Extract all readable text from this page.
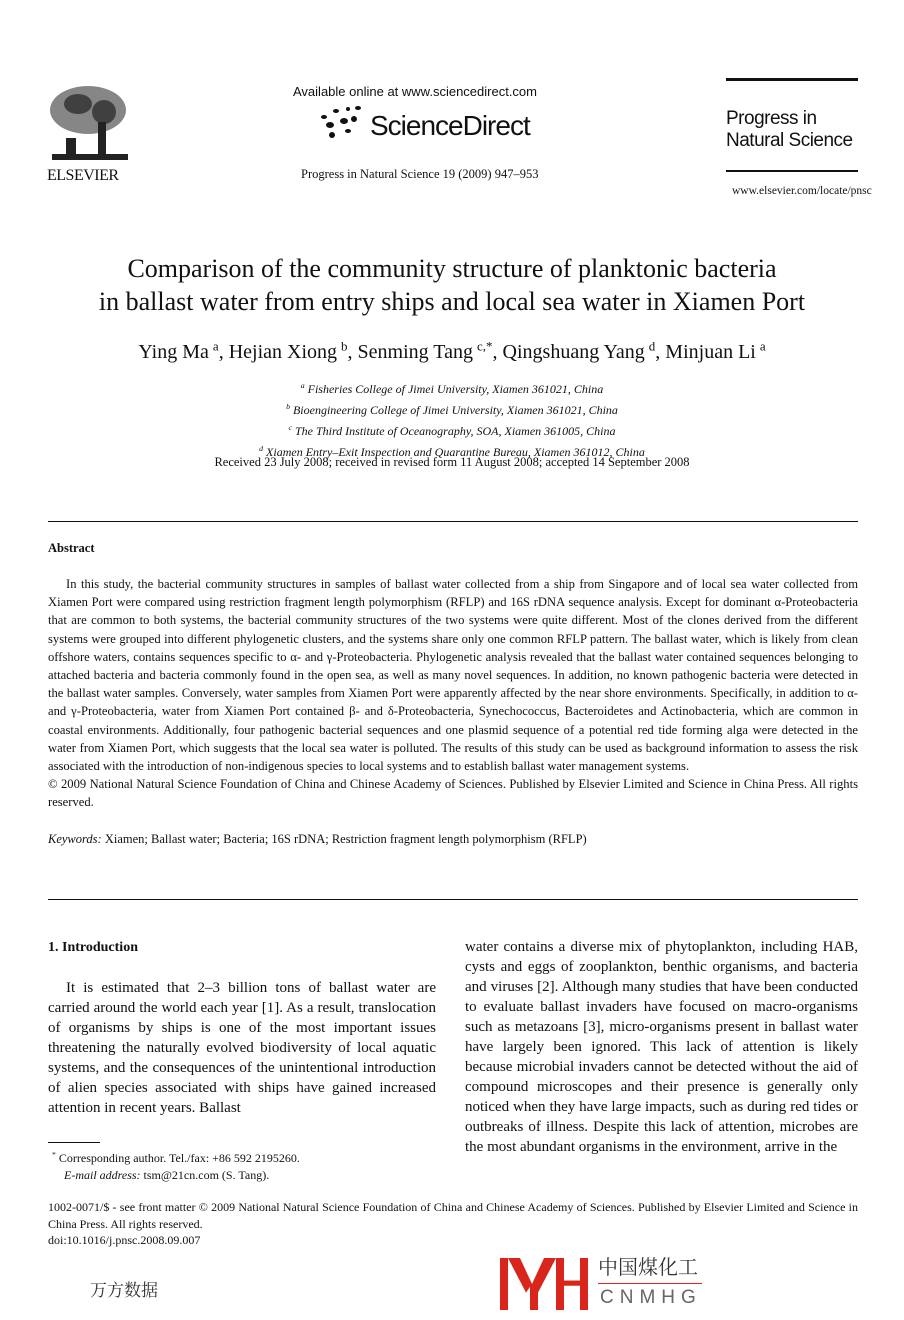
ELSEVIER
Available online at www.sciencedirect.com
ScienceDirect
Progress in Natural Science 19 (2009) 947–953
Progress in
Natural Science
www.elsevier.com/locate/pnsc
Comparison of the community structure of planktonic bacteria
in ballast water from entry ships and local sea water in Xiamen Port
Ying Ma  $^a$, Hejian Xiong  $^b$, Senming Tang  $^{c,*}$, Qingshuang Yang  $^d$, Minjuan Li  $^a$
$^a$ Fisheries College of Jimei University, Xiamen 361021, China
$^b$ Bioengineering College of Jimei University, Xiamen 361021, China
$^c$ The Third Institute of Oceanography, SOA, Xiamen 361005, China
$^d$ Xiamen Entry–Exit Inspection and Quarantine Bureau, Xiamen 361012, China
Received 23 July 2008; received in revised form 11 August 2008; accepted 14 September 2008
Abstract
In this study, the bacterial community structures in samples of ballast water collected from a ship from Singapore and of local sea water collected from Xiamen Port were compared using restriction fragment length polymorphism (RFLP) and 16S rDNA sequence analysis. Except for dominant α-Proteobacteria that are common to both systems, the bacterial community structures of the two systems were quite different. Most of the clones derived from the different systems were grouped into different phylogenetic clusters, and the systems share only one common RFLP pattern. The ballast water, which is likely from clean offshore waters, contains sequences specific to α- and γ-Proteobacteria. Phylogenetic analysis revealed that the ballast water contained sequences belonging to attached bacteria and bacteria commonly found in the open sea, as well as many novel sequences. In addition, no known pathogenic bacteria were detected in the ballast water samples. Conversely, water samples from Xiamen Port were apparently affected by the near shore environments. Specifically, in addition to α- and γ-Proteobacteria, water from Xiamen Port contained β- and δ-Proteobacteria, Synechococcus, Bacteroidetes and Actinobacteria, which are common in coastal environments. Additionally, four pathogenic bacterial sequences and one plasmid sequence of a potential red tide forming alga were detected in the water from Xiamen Port, which suggests that the local sea water is polluted. The results of this study can be used as background information to assess the risk associated with the introduction of non-indigenous species to local systems and to establish ballast water management systems.
© 2009 National Natural Science Foundation of China and Chinese Academy of Sciences. Published by Elsevier Limited and Science in China Press. All rights reserved.
Keywords: Xiamen; Ballast water; Bacteria; 16S rDNA; Restriction fragment length polymorphism (RFLP)
1. Introduction
It is estimated that 2–3 billion tons of ballast water are carried around the world each year [1]. As a result, translocation of organisms by ships is one of the most important issues threatening the naturally evolved biodiversity of local aquatic systems, and the consequences of the unintentional introduction of alien species associated with ships have gained increased attention in recent years. Ballast
water contains a diverse mix of phytoplankton, including HAB, cysts and eggs of zooplankton, benthic organisms, and bacteria and viruses [2]. Although many studies that have been conducted to evaluate ballast invaders have focused on macro-organisms such as metazoans [3], micro-organisms present in ballast water have largely been ignored. This lack of attention is likely because microbial invaders cannot be detected without the aid of compound microscopes and their presence is generally only noticed when they have large impacts, such as during red tides or outbreaks of illness. Despite this lack of attention, microbes are the most abundant organisms in the environment, arrive in the
* Corresponding author. Tel./fax: +86 592 2195260.
E-mail address: tsm@21cn.com (S. Tang).
1002-0071/$ - see front matter © 2009 National Natural Science Foundation of China and Chinese Academy of Sciences. Published by Elsevier Limited and Science in China Press. All rights reserved.
doi:10.1016/j.pnsc.2008.09.007
中国煤化工
CNMHG
万方数据
